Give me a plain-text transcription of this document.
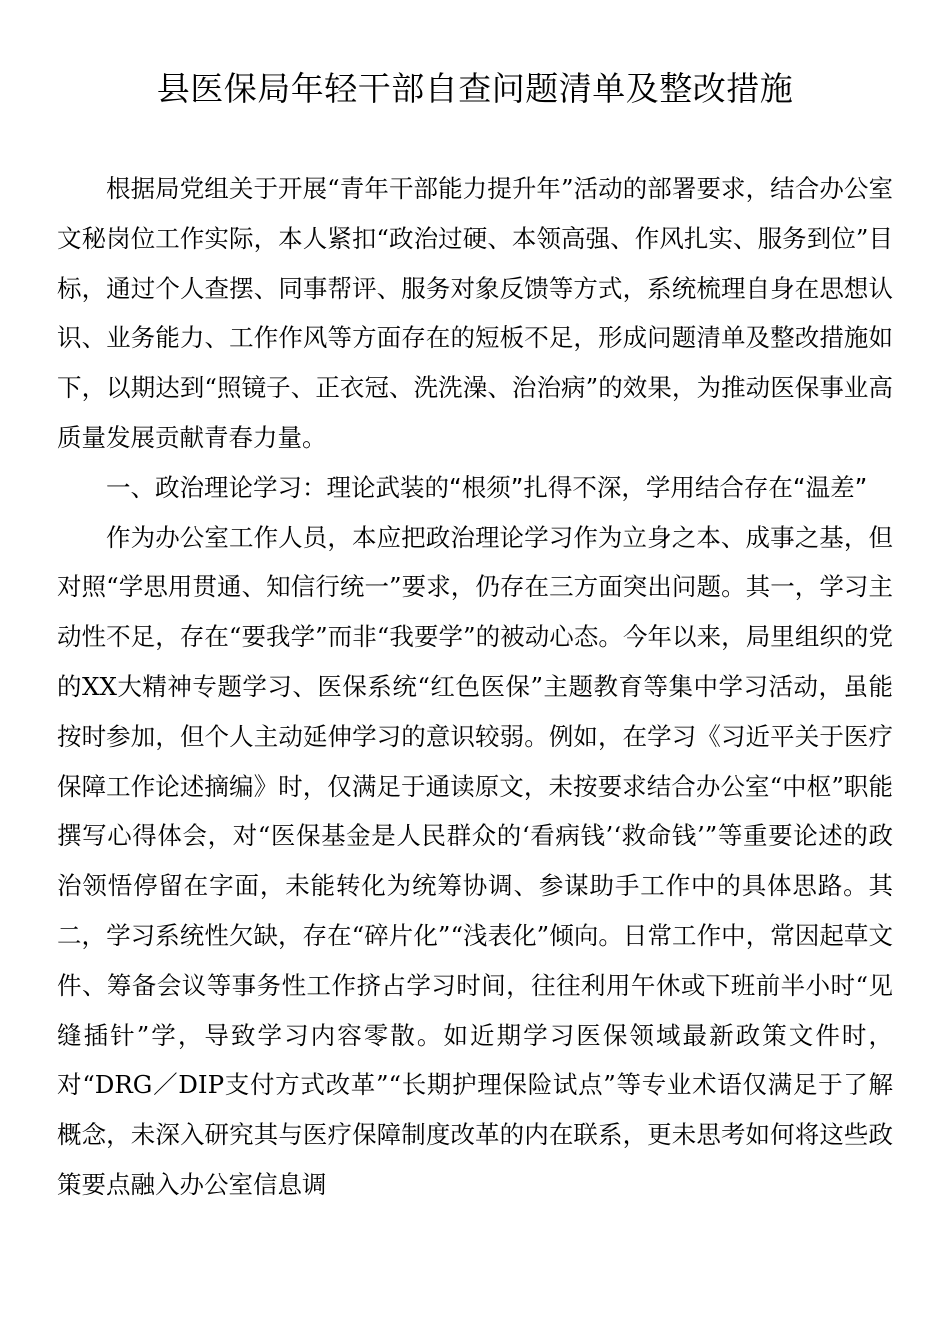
县医保局年轻干部自查问题清单及整改措施

根据局党组关于开展“青年干部能力提升年”活动的部署要求，结合办公室文秘岗位工作实际，本人紧扣“政治过硬、本领高强、作风扎实、服务到位”目标，通过个人查摆、同事帮评、服务对象反馈等方式，系统梳理自身在思想认识、业务能力、工作作风等方面存在的短板不足，形成问题清单及整改措施如下，以期达到“照镜子、正衣冠、洗洗澡、治治病”的效果，为推动医保事业高质量发展贡献青春力量。

一、政治理论学习：理论武装的“根须”扎得不深，学用结合存在“温差”

作为办公室工作人员，本应把政治理论学习作为立身之本、成事之基，但对照“学思用贯通、知信行统一”要求，仍存在三方面突出问题。其一，学习主动性不足，存在“要我学”而非“我要学”的被动心态。今年以来，局里组织的党的XX大精神专题学习、医保系统“红色医保”主题教育等集中学习活动，虽能按时参加，但个人主动延伸学习的意识较弱。例如，在学习《习近平关于医疗保障工作论述摘编》时，仅满足于通读原文，未按要求结合办公室“中枢”职能撰写心得体会，对“医保基金是人民群众的‘看病钱’‘救命钱’”等重要论述的政治领悟停留在字面，未能转化为统筹协调、参谋助手工作中的具体思路。其二，学习系统性欠缺，存在“碎片化”“浅表化”倾向。日常工作中，常因起草文件、筹备会议等事务性工作挤占学习时间，往往利用午休或下班前半小时“见缝插针”学，导致学习内容零散。如近期学习医保领域最新政策文件时，对“DRG／DIP支付方式改革”“长期护理保险试点”等专业术语仅满足于了解概念，未深入研究其与医疗保障制度改革的内在联系，更未思考如何将这些政策要点融入办公室信息调
